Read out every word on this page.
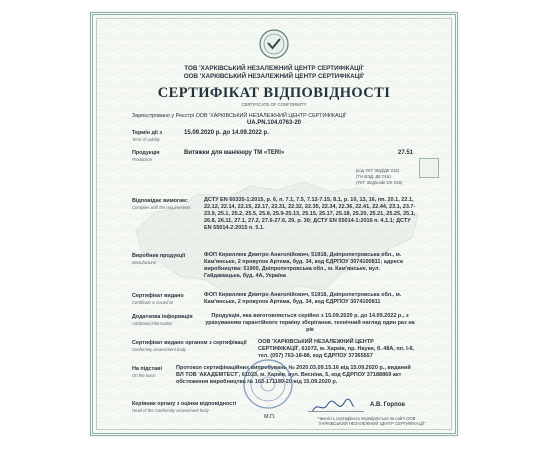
ТОВ 'ХАРКІВСЬКИЙ НЕЗАЛЕЖНИЙ ЦЕНТР СЕРТИФІКАЦІЇ'
ООВ 'ХАРКІВСЬКИЙ НЕЗАЛЕЖНИЙ ЦЕНТР СЕРТИФІКАЦІЇ'
СЕРТИФІКАТ ВІДПОВІДНОСТІ
CERTIFICATE OF CONFORMITY
Зареєстровано у Реєстрі ООВ 'ХАРКІВСЬКИЙ НЕЗАЛЕЖНИЙ ЦЕНТР СЕРТИФІКАЦІЇ'
UA.PN.104.0763-20
Термін дії з
Term of validity
15.09.2020 р. до 14.09.2022 р.
Продукція
Production
Витяжки для манікюру ТМ «TERI»	27.51
(код УКТ ЗЕД/ДК 016)
(ТН ВЭД, ДК 016)
(УКТ ЗЕД/code DK 016)
Відповідає вимогам:
Complies with the requirements
ДСТУ EN 60335-1:2015, р. 6, п. 7.1, 7.5, 7.12-7.15, 8.1, р. 10, 13, 16, пп. 20.1, 22.1, 22.12, 22.14, 22.15, 22.17, 22.31, 22.32, 22.35, 22.34, 22.36, 22.41, 22.44, 23.1, 23.7-23.9, 25.1, 25.2, 25.5, 25.8, 25.9-25.13, 25.15, 25.17, 25.18, 25.20, 25.21, 25.25, 25.1, 26.8, 26.11, 27.1, 27.2, 27.6-27.6, 29, р. 30; ДСТУ EN 55014-1:2016 п. 4.1.1; ДСТУ EN 55014-2:2015 п. 5.1.
Виробник продукції
Manufacturer
ФОП Кириллюк Дмитро Анатолійович, 51918, Дніпропетровська обл., м. Кам'янське, 2 провулок Артема, буд. 34, код ЄДРПОУ 3074100811; адреса виробництва: 51900, Дніпропетровська обл., м. Кам'янське, вул. Гайдамацька, буд. 4А, Україна
Сертифікат видано
Certificate is issued to
ФОП Кириллюк Дмитро Анатолійович, 51918, Дніпропетровська обл., м. Кам'янське, 2 провулок Артема, буд. 34, код ЄДРПОУ 3074100811
Додаткова інформація
Additional information
Продукція, яка виготовляється серійно з 15.09.2020 р. до 14.09.2022 р., з урахуванням гарантійного терміну зберігання, технічний нагляд один раз на рік
Сертифікат видано органом з сертифікації
Conformity assessment body
ООВ 'ХАРКІВСЬКИЙ НЕЗАЛЕЖНИЙ ЦЕНТР СЕРТИФІКАЦІЇ', 61072, м. Харків, пр. Науки, б. 48А, пп. І-II, тел. (057) 763-18-88, код ЄДРПОУ 37365657
На підставі
On the basis
Протокол сертифікаційних випробувань № 2020.03.09.15.16 від 15.09.2020 р., виданий ВЛ ТОВ 'АКАДЕМТЕСТ', 61023, м. Харків, вул. Весніна, 5, код ЄДРПОУ 37188869 акт обстеження виробництва № 163-171189-20 від 15.09.2020 р.
Керівник органу з оцінки відповідності
Head of the Conformity assessment body
М.П.
А.В. Горпов
Чинність сертифіката перевіряється на сайті ООВ 'ХАРКІВСЬКИЙ НЕЗАЛЕЖНИЙ ЦЕНТР СЕРТИФІКАЦІЇ'
